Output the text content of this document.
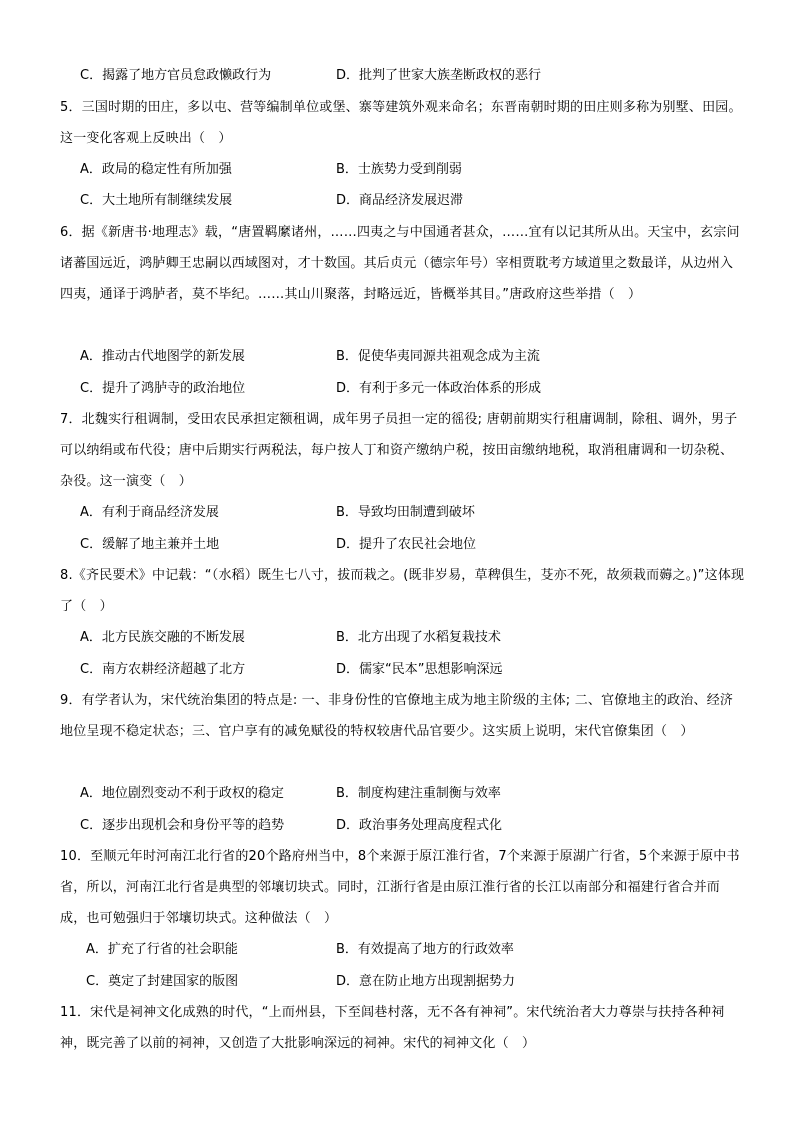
C．揭露了地方官员怠政懒政行为	D．批判了世家大族垄断政权的恶行
5．三国时期的田庄，多以屯、营等编制单位或堡、寨等建筑外观来命名；东晋南朝时期的田庄则多称为别墅、田园。这一变化客观上反映出（　）
A．政局的稳定性有所加强	B．士族势力受到削弱
C．大土地所有制继续发展	D．商品经济发展迟滞
6．据《新唐书·地理志》载，“唐置羁縻诸州，……四夷之与中国通者甚众，……宜有以记其所从出。天宝中，玄宗问诸蕃国远近，鸿胪卿王忠嗣以西域图对，才十数国。其后贞元（德宗年号）宰相贾耽考方域道里之数最详，从边州入四夷，通译于鸿胪者，莫不毕纪。……其山川聚落，封略远近，皆概举其目。”唐政府这些举措（　）
A．推动古代地图学的新发展	B．促使华夷同源共祖观念成为主流
C．提升了鸿胪寺的政治地位	D．有利于多元一体政治体系的形成
7．北魏实行租调制，受田农民承担定额租调，成年男子员担一定的徭役; 唐朝前期实行租庸调制，除租、调外，男子可以纳绢或布代役；唐中后期实行两税法，每户按人丁和资产缴纳户税，按田亩缴纳地税，取消租庸调和一切杂税、杂役。这一演变（　）
A．有利于商品经济发展	B．导致均田制遭到破坏
C．缓解了地主兼并土地	D．提升了农民社会地位
8.《齐民要术》中记载：“（水稻）既生七八寸，拔而栽之。(既非岁易，草稗俱生，芟亦不死，故须栽而薅之。)”这体现了（　）
A．北方民族交融的不断发展	B．北方出现了水稻复栽技术
C．南方农耕经济超越了北方	D．儒家“民本”思想影响深远
9．有学者认为，宋代统治集团的特点是: 一、非身份性的官僚地主成为地主阶级的主体; 二、官僚地主的政治、经济地位呈现不稳定状态；三、官户享有的减免赋役的特权较唐代品官要少。这实质上说明，宋代官僚集团（　）
A．地位剧烈变动不利于政权的稳定	B．制度构建注重制衡与效率
C．逐步出现机会和身份平等的趋势	D．政治事务处理高度程式化
10．至顺元年时河南江北行省的20个路府州当中，8个来源于原江淮行省，7个来源于原湖广行省，5个来源于原中书省，所以，河南江北行省是典型的邻壤切块式。同时，江浙行省是由原江淮行省的长江以南部分和福建行省合并而成，也可勉强归于邻壤切块式。这种做法（　）
A．扩充了行省的社会职能	B．有效提高了地方的行政效率
C．奠定了封建国家的版图	D．意在防止地方出现割据势力
11．宋代是祠神文化成熟的时代，“上而州县，下至闾巷村落，无不各有神祠”。宋代统治者大力尊崇与扶持各种祠神，既完善了以前的祠神，又创造了大批影响深远的祠神。宋代的祠神文化（　）
